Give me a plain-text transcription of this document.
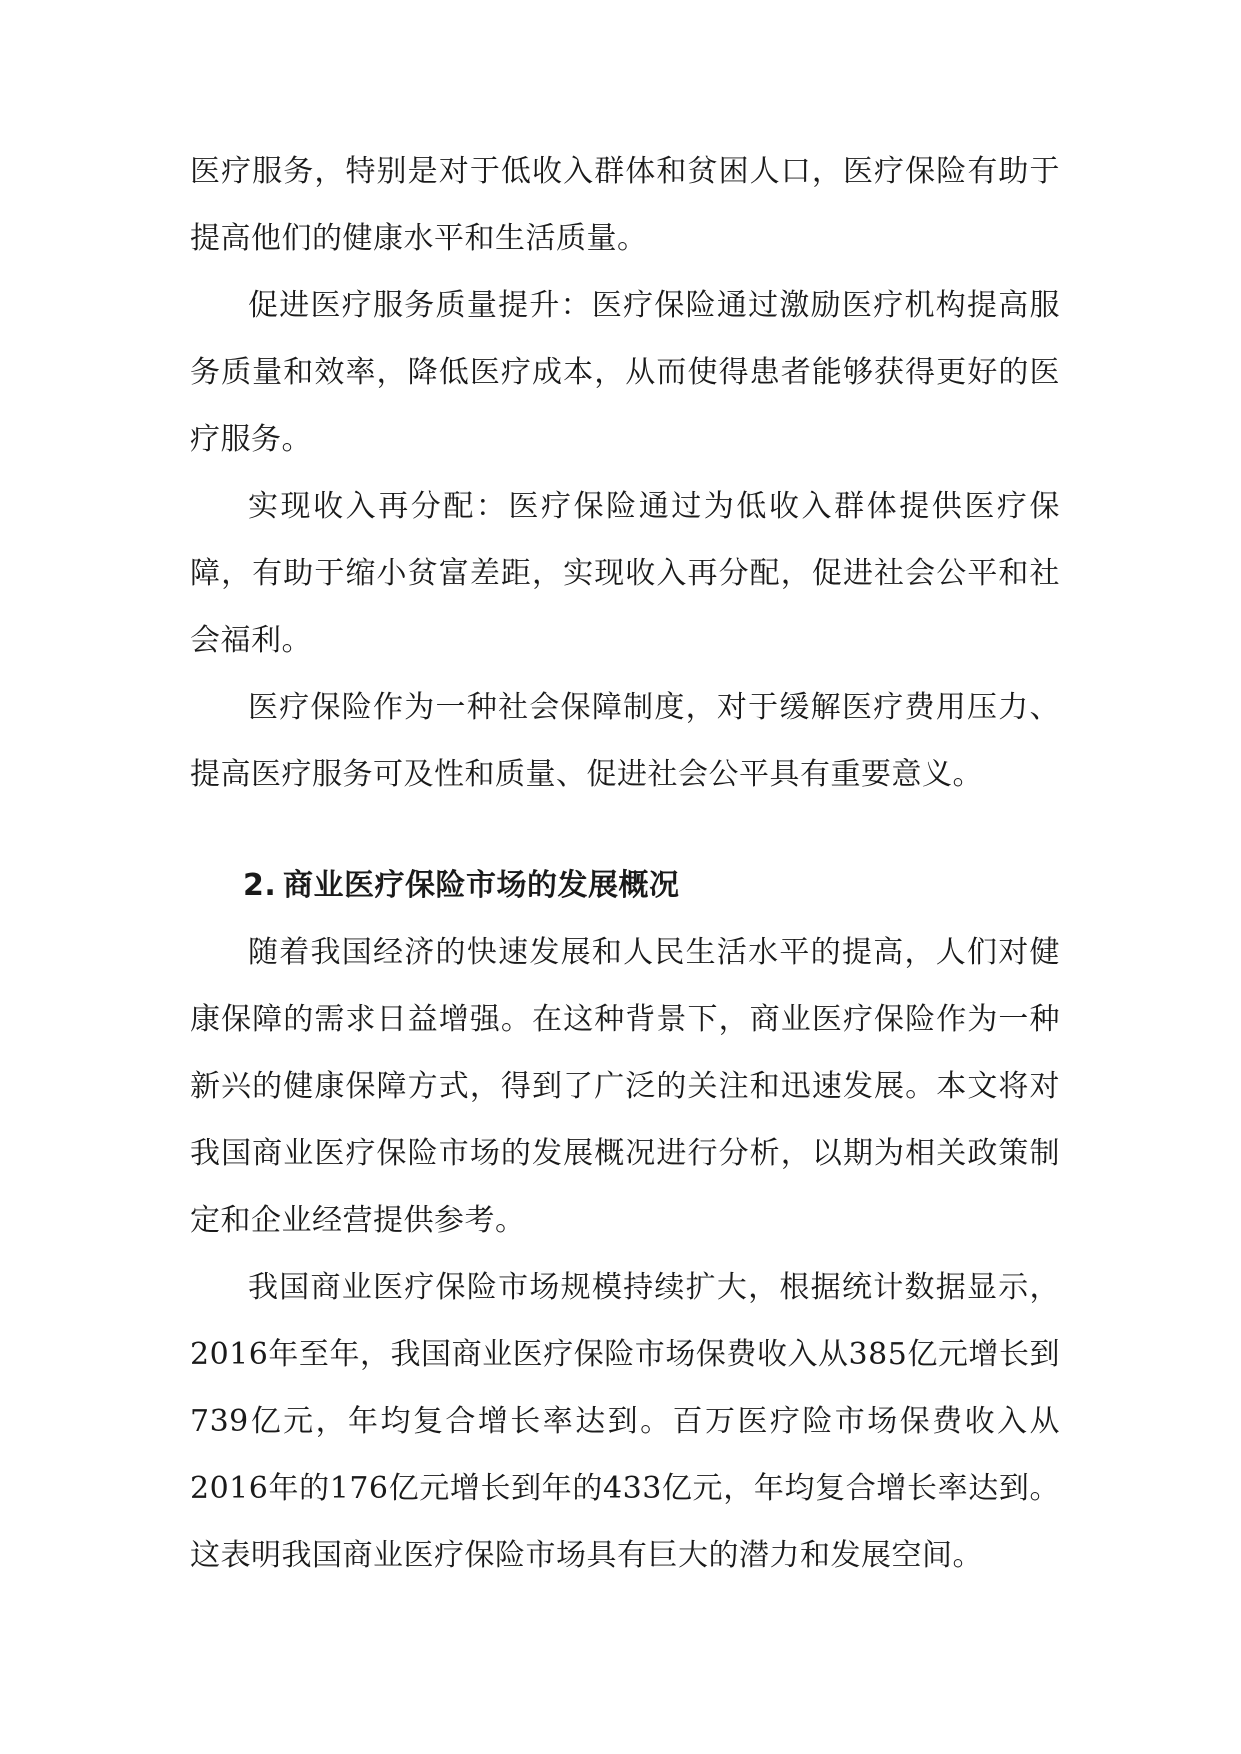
医疗服务，特别是对于低收入群体和贫困人口，医疗保险有助于提高他们的健康水平和生活质量。

促进医疗服务质量提升：医疗保险通过激励医疗机构提高服务质量和效率，降低医疗成本，从而使得患者能够获得更好的医疗服务。

实现收入再分配：医疗保险通过为低收入群体提供医疗保障，有助于缩小贫富差距，实现收入再分配，促进社会公平和社会福利。

医疗保险作为一种社会保障制度，对于缓解医疗费用压力、提高医疗服务可及性和质量、促进社会公平具有重要意义。

2. 商业医疗保险市场的发展概况

随着我国经济的快速发展和人民生活水平的提高，人们对健康保障的需求日益增强。在这种背景下，商业医疗保险作为一种新兴的健康保障方式，得到了广泛的关注和迅速发展。本文将对我国商业医疗保险市场的发展概况进行分析，以期为相关政策制定和企业经营提供参考。

我国商业医疗保险市场规模持续扩大，根据统计数据显示，2016年至年，我国商业医疗保险市场保费收入从385亿元增长到739亿元，年均复合增长率达到。百万医疗险市场保费收入从2016年的176亿元增长到年的433亿元，年均复合增长率达到。这表明我国商业医疗保险市场具有巨大的潜力和发展空间。
